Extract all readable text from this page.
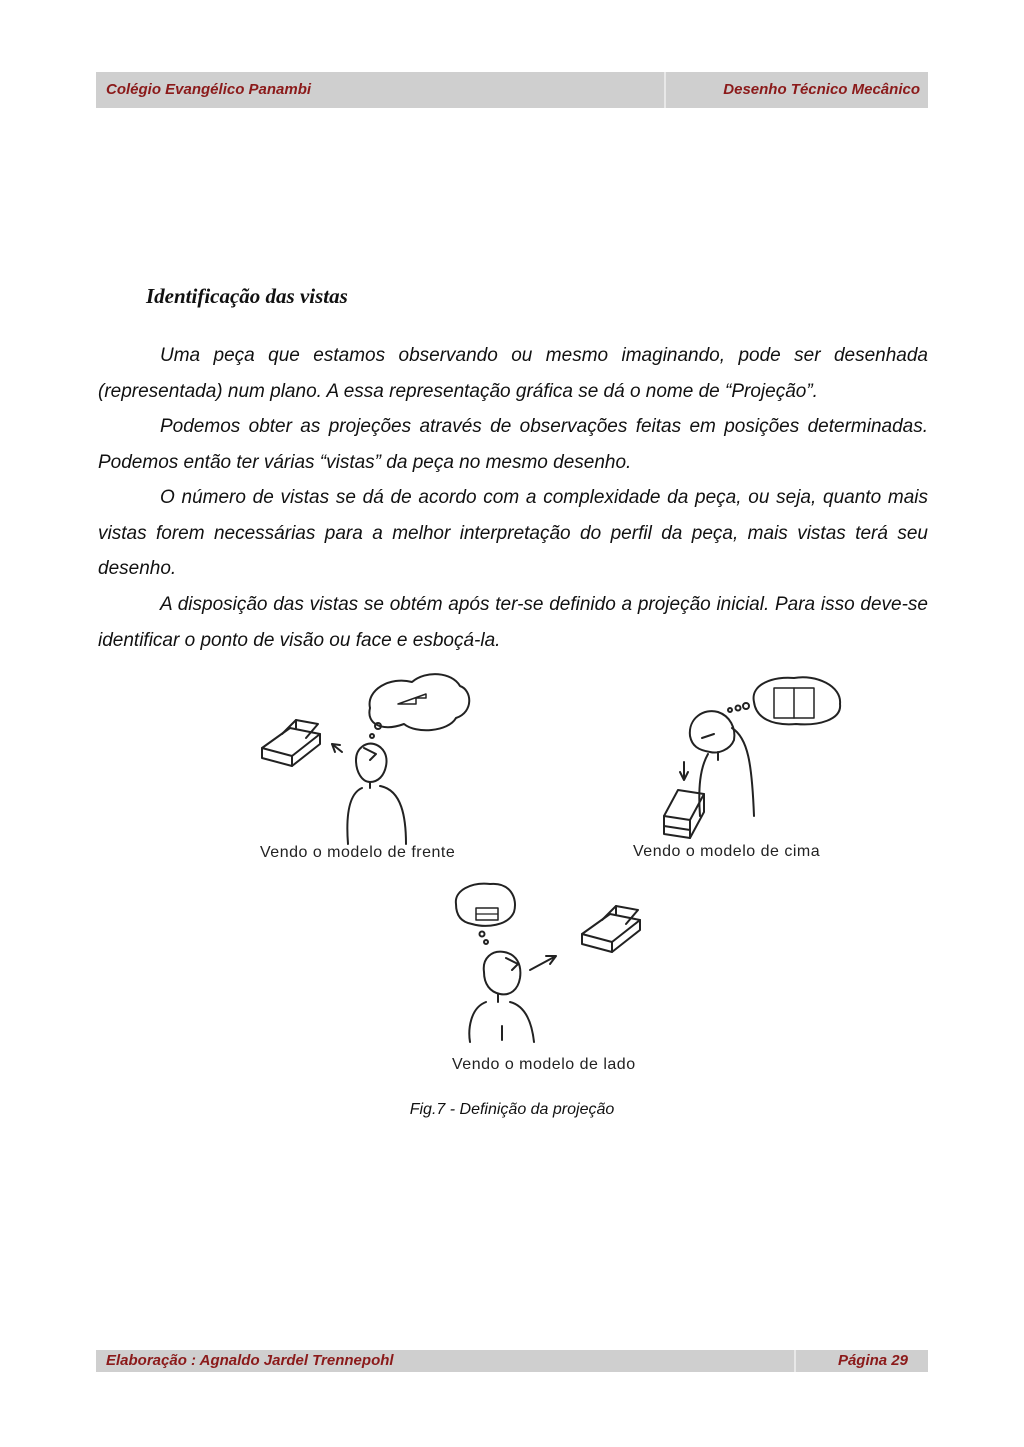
Colégio Evangélico Panambi	Desenho Técnico Mecânico
Identificação das vistas

Uma peça que estamos observando ou mesmo imaginando, pode ser desenhada (representada) num plano. A essa representação gráfica se dá o nome de “Projeção”.

Podemos obter as projeções através de observações feitas em posições determinadas. Podemos então ter várias “vistas” da peça no mesmo desenho.

O número de vistas se dá de acordo com a complexidade da peça, ou seja, quanto mais vistas forem necessárias para a melhor interpretação do perfil da peça, mais vistas terá seu desenho.

A disposição das vistas se obtém após ter-se definido a projeção inicial. Para isso deve-se identificar o ponto de visão ou face e esboçá-la.

Vendo o modelo de frente	Vendo o modelo de cima
Vendo o modelo de lado
Fig.7 - Definição da projeção
Elaboração : Agnaldo Jardel Trennepohl	Página 29
